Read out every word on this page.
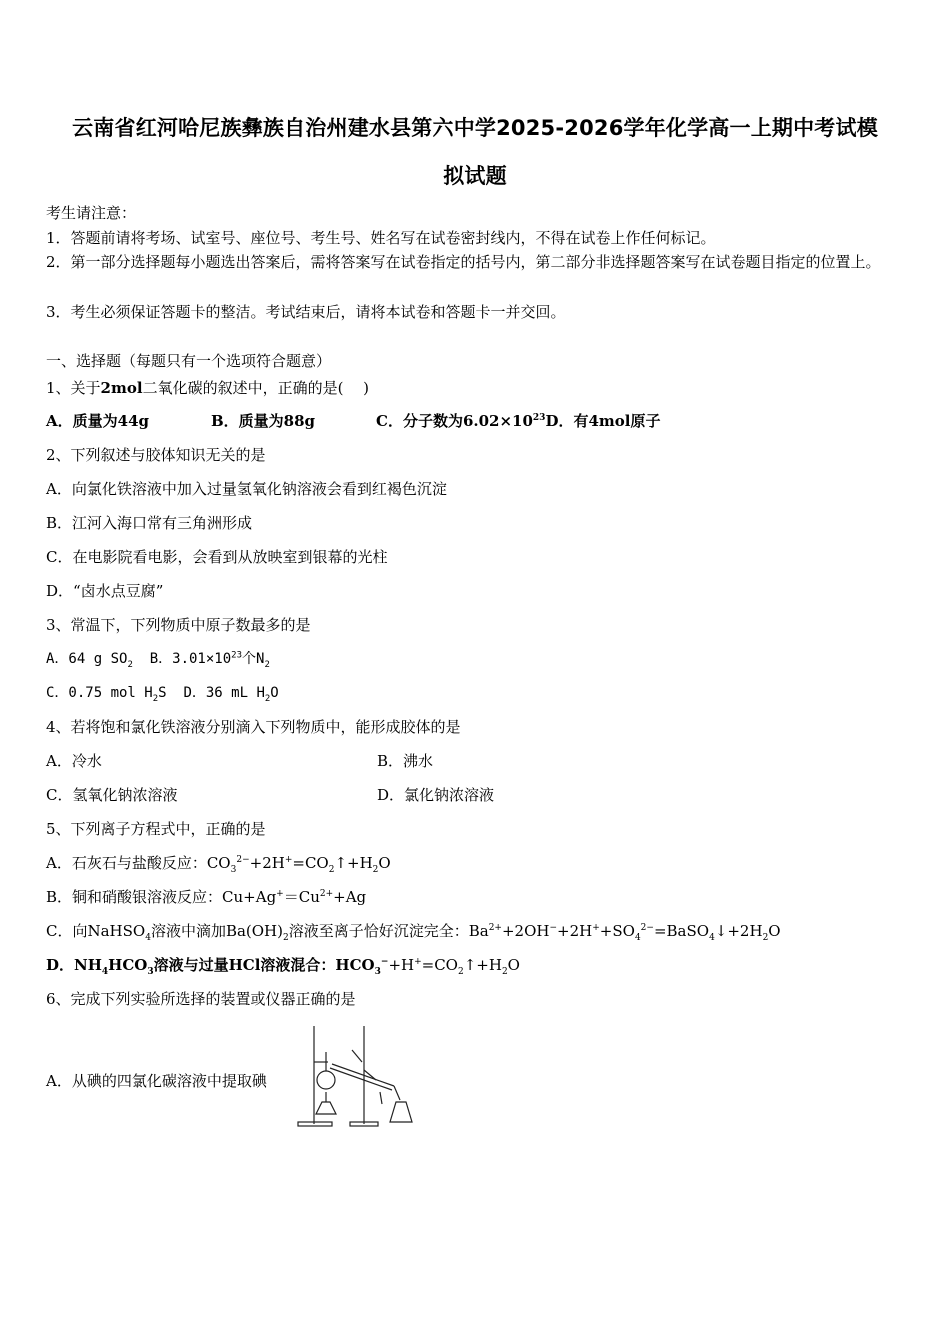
云南省红河哈尼族彝族自治州建水县第六中学2025-2026学年化学高一上期中考试模
拟试题
考生请注意：
1．答题前请将考场、试室号、座位号、考生号、姓名写在试卷密封线内，不得在试卷上作任何标记。
2．第一部分选择题每小题选出答案后，需将答案写在试卷指定的括号内，第二部分非选择题答案写在试卷题目指定的位置上。
3．考生必须保证答题卡的整洁。考试结束后，请将本试卷和答题卡一并交回。
一、选择题（每题只有一个选项符合题意）
1、关于2mol二氧化碳的叙述中，正确的是(　 )
A．质量为44g	B．质量为88g	C．分子数为$6.02\times 10^{23}D$．有4mol原子
2、下列叙述与胶体知识无关的是
A．向氯化铁溶液中加入过量氢氧化钠溶液会看到红褐色沉淀
B．江河入海口常有三角洲形成
C．在电影院看电影，会看到从放映室到银幕的光柱
D．“卤水点豆腐”
3、常温下，下列物质中原子数最多的是
A．64 g $SO_2$ B．$3.01\times 10^{23}$个$N_2$
C．0.75 mol $H_2S$ D．36 mL $H_2O$
4、若将饱和氯化铁溶液分别滴入下列物质中，能形成胶体的是
A．冷水	B．沸水
C．氢氧化钠浓溶液	D．氯化钠浓溶液
5、下列离子方程式中，正确的是
A．石灰石与盐酸反应：$CO_3^{2-}+2H^+=CO_2↑+H_2O$
B．铜和硝酸银溶液反应：$Cu+Ag^+=Cu^{2+}+Ag$
C．向NaHSO$_4$溶液中滴加$Ba(OH)_2$溶液至离子恰好沉淀完全：$Ba^{2+}+2OH^-+2H^++SO_4^{2-}=BaSO_4↓+2H_2O$
D．$NH_4HCO_3$溶液与过量HCl溶液混合：$HCO_3^-+H^+=CO_2↑+H_2O$
6、完成下列实验所选择的装置或仪器正确的是
A．从碘的四氯化碳溶液中提取碘
